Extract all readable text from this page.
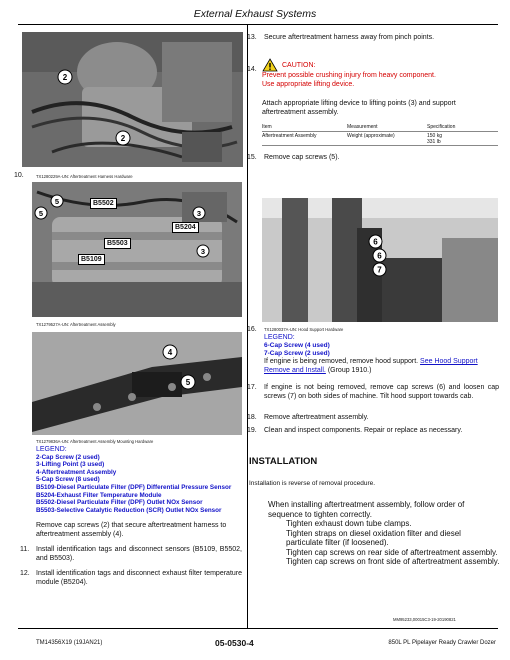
External Exhaust Systems
TM14356X19 (19JAN21)	05-0530-4	850L PL Pipelayer Ready Crawler Dozer
2
2
10.	TX1280229A-UN: Aftertreatment Harness Hardware
5
5
3
3
B5502
B5204
B5503
B5109
TX1279527A-UN: Aftertreatment Assembly
4
5
TX1279836A-UN: Aftertreatment Assembly Mounting Hardware
LEGEND:
2-Cap Screw (2 used)
3-Lifting Point (3 used)
4-Aftertreatment Assembly
5-Cap Screw (8 used)
B5109-Diesel Particulate Filter (DPF) Differential Pressure Sensor
B5204-Exhaust Filter Temperature Module
B5502-Diesel Particulate Filter (DPF) Outlet NOx Sensor
B5503-Selective Catalytic Reduction (SCR) Outlet NOx Sensor
Remove cap screws (2) that secure aftertreatment harness to aftertreatment assembly (4).
11. Install identification tags and disconnect sensors (B5109, B5502, and B5503).
12. Install identification tags and disconnect exhaust filter temperature module (B5204).
13. Secure aftertreatment harness away from pinch points.
14.
CAUTION:
Prevent possible crushing injury from heavy component.
Use appropriate lifting device.
Attach appropriate lifting device to lifting points (3) and support aftertreatment assembly.
Item	Measurement	Specification
Aftertreatment Assembly	Weight (approximate)	150 kg
331 lb
15. Remove cap screws (5).
6
6
7
16. TX1280037A-UN: Hood Support Hardware
LEGEND:
6-Cap Screw (4 used)
7-Cap Screw (2 used)
If engine is being removed, remove hood support. See Hood Support Remove and Install. (Group 1910.)
17. If engine is not being removed, remove cap screws (6) and loosen cap screws (7) on both sides of machine. Tilt hood support towards cab.
18. Remove aftertreatment assembly.
19. Clean and inspect components. Repair or replace as necessary.
INSTALLATION
Installation is reverse of removal procedure.
When installing aftertreatment assembly, follow order of sequence to tighten correctly.
Tighten exhaust down tube clamps.
Tighten straps on diesel oxidation filter and diesel particulate filter (if loosened).
Tighten cap screws on rear side of aftertreatment assembly.
Tighten cap screws on front side of aftertreatment assembly.
MM95233,00015C3-19-20190821
